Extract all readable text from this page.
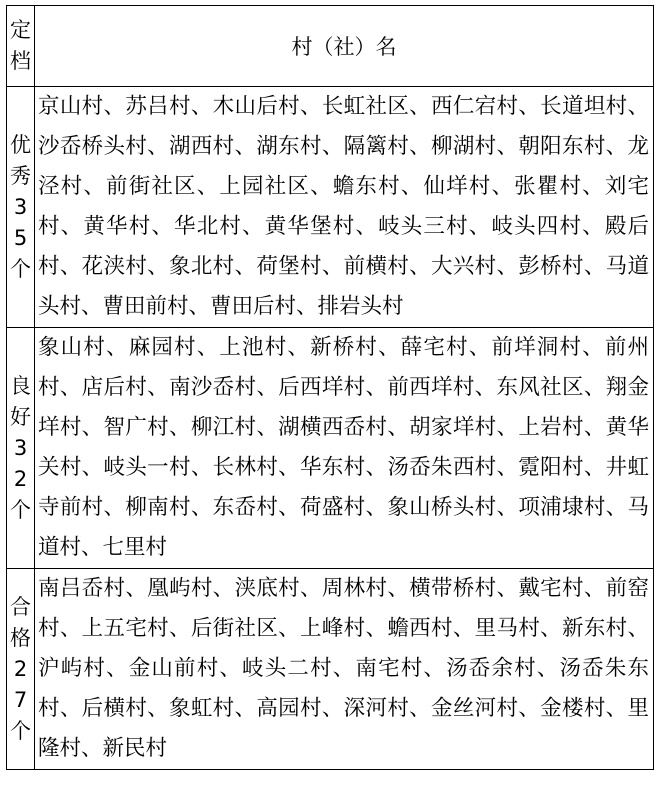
定档	村（社）名

优秀35个	京山村、苏吕村、木山后村、长虹社区、西仁宕村、长道坦村、沙岙桥头村、湖西村、湖东村、隔篱村、柳湖村、朝阳东村、龙泾村、前街社区、上园社区、蟾东村、仙垟村、张瞿村、刘宅村、黄华村、华北村、黄华堡村、岐头三村、岐头四村、殿后村、花浃村、象北村、荷堡村、前横村、大兴村、彭桥村、马道头村、曹田前村、曹田后村、排岩头村

良好32个	象山村、麻园村、上池村、新桥村、薛宅村、前垟洞村、前州村、店后村、南沙岙村、后西垟村、前西垟村、东风社区、翔金垟村、智广村、柳江村、湖横西岙村、胡家垟村、上岩村、黄华关村、岐头一村、长林村、华东村、汤岙朱西村、霓阳村、井虹寺前村、柳南村、东岙村、荷盛村、象山桥头村、项浦埭村、马道村、七里村

合格27个	南吕岙村、凰屿村、浃底村、周林村、横带桥村、戴宅村、前窑村、上五宅村、后街社区、上峰村、蟾西村、里马村、新东村、沪屿村、金山前村、岐头二村、南宅村、汤岙余村、汤岙朱东村、后横村、象虹村、高园村、深河村、金丝河村、金楼村、里隆村、新民村
